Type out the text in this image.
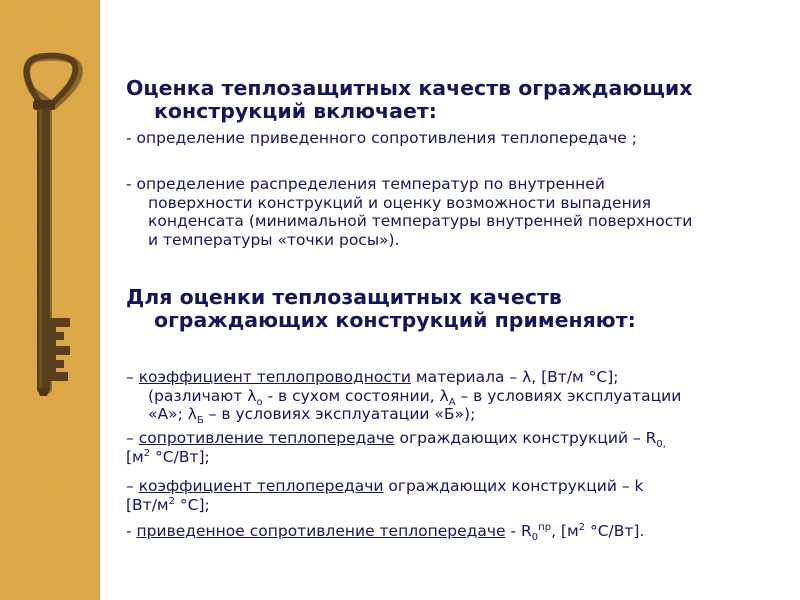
Оценка теплозащитных качеств ограждающих
конструкций включает:
- определение приведенного сопротивления теплопередаче ;
- определение распределения температур по внутренней
поверхности конструкций и оценку возможности выпадения
конденсата (минимальной температуры внутренней поверхности
и температуры «точки росы»).
Для оценки теплозащитных качеств
ограждающих конструкций применяют:
– коэффициент теплопроводности материала – λ, [Вт/м °С];
(различают $\lambda_о$ - в сухом состоянии, $\lambda_А$ – в условиях эксплуатации
«А»; $\lambda_Б$ – в условиях эксплуатации «Б»);
– сопротивление теплопередаче ограждающих конструкций – $R_{0,}$
[$м^2$ °С/Вт];
– коэффициент теплопередачи ограждающих конструкций – k
[$Вт/м^2$ °С];
- приведенное сопротивление теплопередаче - $R_0^{пр}$, [$м^2$ °С/Вт].
